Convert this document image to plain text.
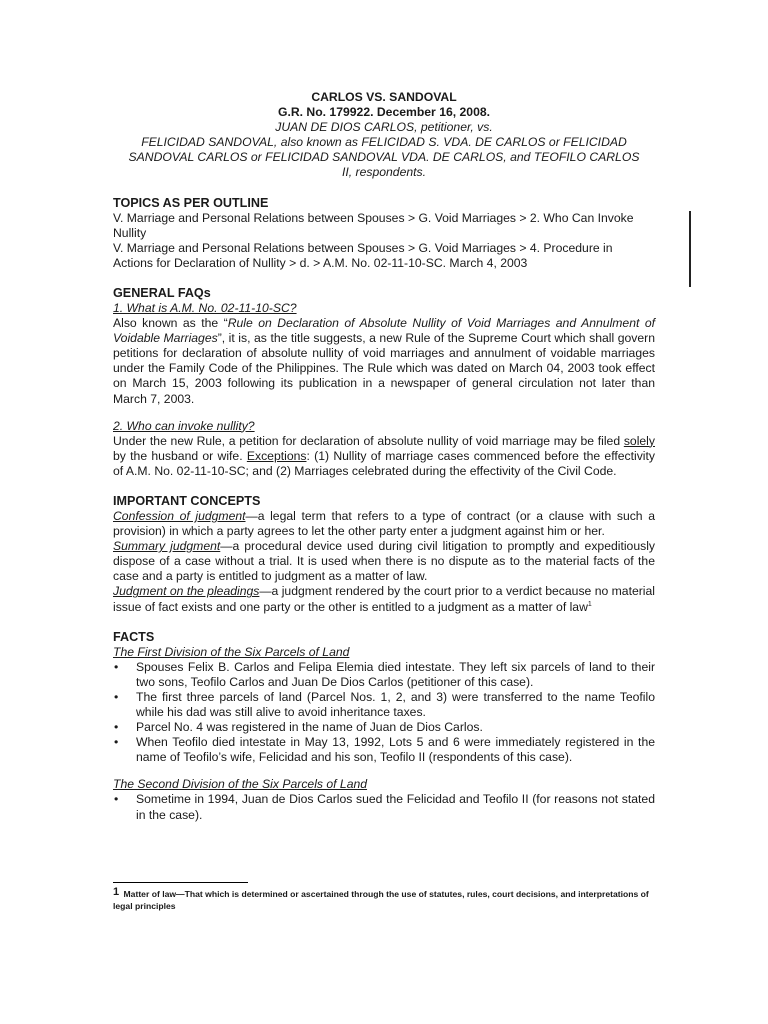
CARLOS VS. SANDOVAL
G.R. No. 179922. December 16, 2008.
JUAN DE DIOS CARLOS, petitioner, vs.
FELICIDAD SANDOVAL, also known as FELICIDAD S. VDA. DE CARLOS or FELICIDAD
SANDOVAL CARLOS or FELICIDAD SANDOVAL VDA. DE CARLOS, and TEOFILO CARLOS
II, respondents.
TOPICS AS PER OUTLINE
V. Marriage and Personal Relations between Spouses > G. Void Marriages > 2. Who Can Invoke Nullity
V. Marriage and Personal Relations between Spouses > G. Void Marriages > 4. Procedure in Actions for Declaration of Nullity > d. > A.M. No. 02-11-10-SC. March 4, 2003
GENERAL FAQs
1. What is A.M. No. 02-11-10-SC?
Also known as the “Rule on Declaration of Absolute Nullity of Void Marriages and Annulment of Voidable Marriages”, it is, as the title suggests, a new Rule of the Supreme Court which shall govern petitions for declaration of absolute nullity of void marriages and annulment of voidable marriages under the Family Code of the Philippines. The Rule which was dated on March 04, 2003 took effect on March 15, 2003 following its publication in a newspaper of general circulation not later than March 7, 2003.
2. Who can invoke nullity?
Under the new Rule, a petition for declaration of absolute nullity of void marriage may be filed solely by the husband or wife. Exceptions: (1) Nullity of marriage cases commenced before the effectivity of A.M. No. 02-11-10-SC; and (2) Marriages celebrated during the effectivity of the Civil Code.
IMPORTANT CONCEPTS
Confession of judgment—a legal term that refers to a type of contract (or a clause with such a provision) in which a party agrees to let the other party enter a judgment against him or her.
Summary judgment—a procedural device used during civil litigation to promptly and expeditiously dispose of a case without a trial. It is used when there is no dispute as to the material facts of the case and a party is entitled to judgment as a matter of law.
Judgment on the pleadings—a judgment rendered by the court prior to a verdict because no material issue of fact exists and one party or the other is entitled to a judgment as a matter of law$^1$
FACTS
The First Division of the Six Parcels of Land
• Spouses Felix B. Carlos and Felipa Elemia died intestate. They left six parcels of land to their two sons, Teofilo Carlos and Juan De Dios Carlos (petitioner of this case).
• The first three parcels of land (Parcel Nos. 1, 2, and 3) were transferred to the name Teofilo while his dad was still alive to avoid inheritance taxes.
• Parcel No. 4 was registered in the name of Juan de Dios Carlos.
• When Teofilo died intestate in May 13, 1992, Lots 5 and 6 were immediately registered in the name of Teofilo’s wife, Felicidad and his son, Teofilo II (respondents of this case).
The Second Division of the Six Parcels of Land
• Sometime in 1994, Juan de Dios Carlos sued the Felicidad and Teofilo II (for reasons not stated in the case).
1 Matter of law—That which is determined or ascertained through the use of statutes, rules, court decisions, and interpretations of legal principles
